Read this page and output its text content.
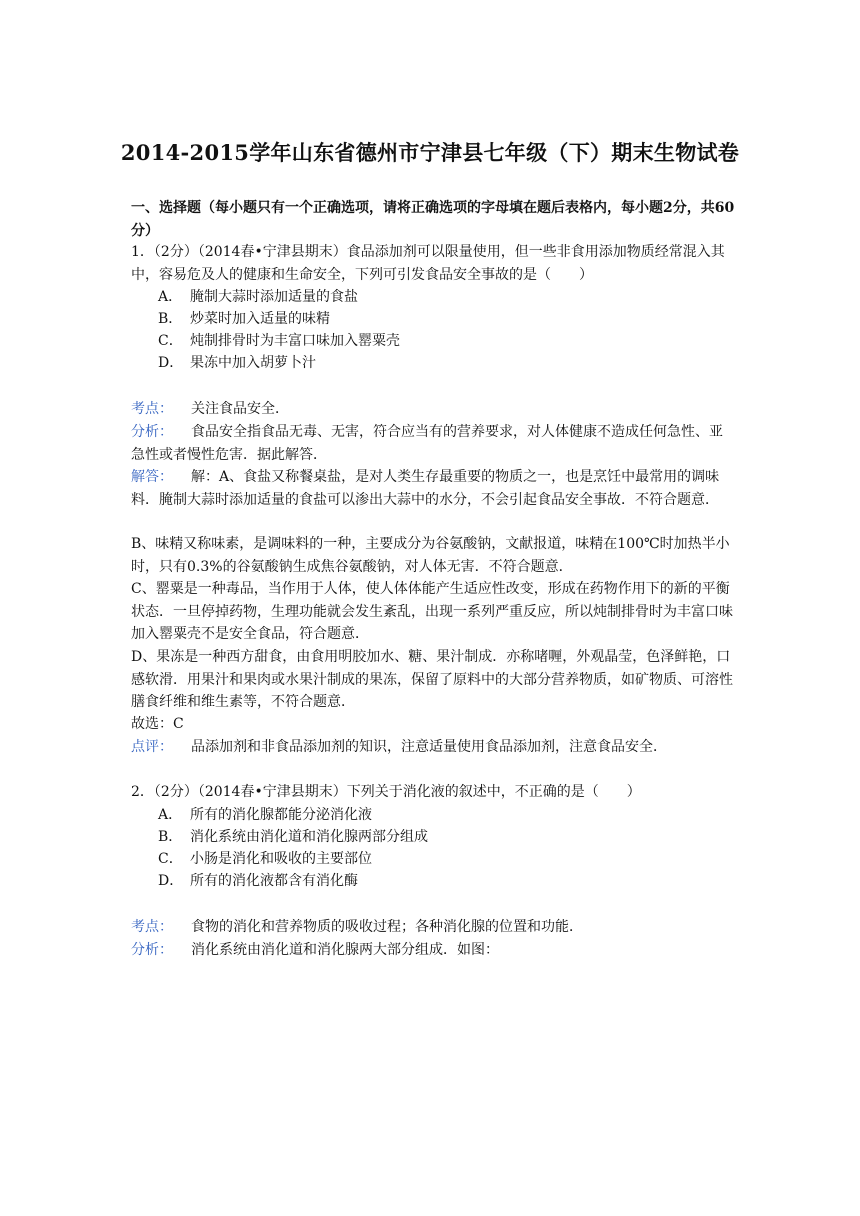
2014-2015学年山东省德州市宁津县七年级（下）期末生物试卷
一、选择题（每小题只有一个正确选项，请将正确选项的字母填在题后表格内，每小题2分，共60分）
1．（2分）（2014春•宁津县期末）食品添加剂可以限量使用，但一些非食用添加物质经常混入其中，容易危及人的健康和生命安全，下列可引发食品安全事故的是（　　）
A． 腌制大蒜时添加适量的食盐
B． 炒菜时加入适量的味精
C． 炖制排骨时为丰富口味加入罂粟壳
D． 果冻中加入胡萝卜汁
考点：	关注食品安全．
分析： 食品安全指食品无毒、无害，符合应当有的营养要求，对人体健康不造成任何急性、亚急性或者慢性危害．据此解答．
解答： 解：A、食盐又称餐桌盐，是对人类生存最重要的物质之一，也是烹饪中最常用的调味料．腌制大蒜时添加适量的食盐可以渗出大蒜中的水分，不会引起食品安全事故．不符合题意．
B、味精又称味素，是调味料的一种，主要成分为谷氨酸钠，文献报道，味精在100℃时加热半小时，只有0.3%的谷氨酸钠生成焦谷氨酸钠，对人体无害．不符合题意．
C、罂粟是一种毒品，当作用于人体，使人体体能产生适应性改变，形成在药物作用下的新的平衡状态．一旦停掉药物，生理功能就会发生紊乱，出现一系列严重反应，所以炖制排骨时为丰富口味加入罂粟壳不是安全食品，符合题意．
D、果冻是一种西方甜食，由食用明胶加水、糖、果汁制成．亦称啫喱，外观晶莹，色泽鲜艳，口感软滑．用果汁和果肉或水果汁制成的果冻，保留了原料中的大部分营养物质，如矿物质、可溶性膳食纤维和维生素等，不符合题意．
故选：C
点评：	品添加剂和非食品添加剂的知识，注意适量使用食品添加剂，注意食品安全．
2．（2分）（2014春•宁津县期末）下列关于消化液的叙述中，不正确的是（　　）
A． 所有的消化腺都能分泌消化液
B． 消化系统由消化道和消化腺两部分组成
C． 小肠是消化和吸收的主要部位
D． 所有的消化液都含有消化酶
考点：	食物的消化和营养物质的吸收过程；各种消化腺的位置和功能．
分析：	消化系统由消化道和消化腺两大部分组成．如图：
